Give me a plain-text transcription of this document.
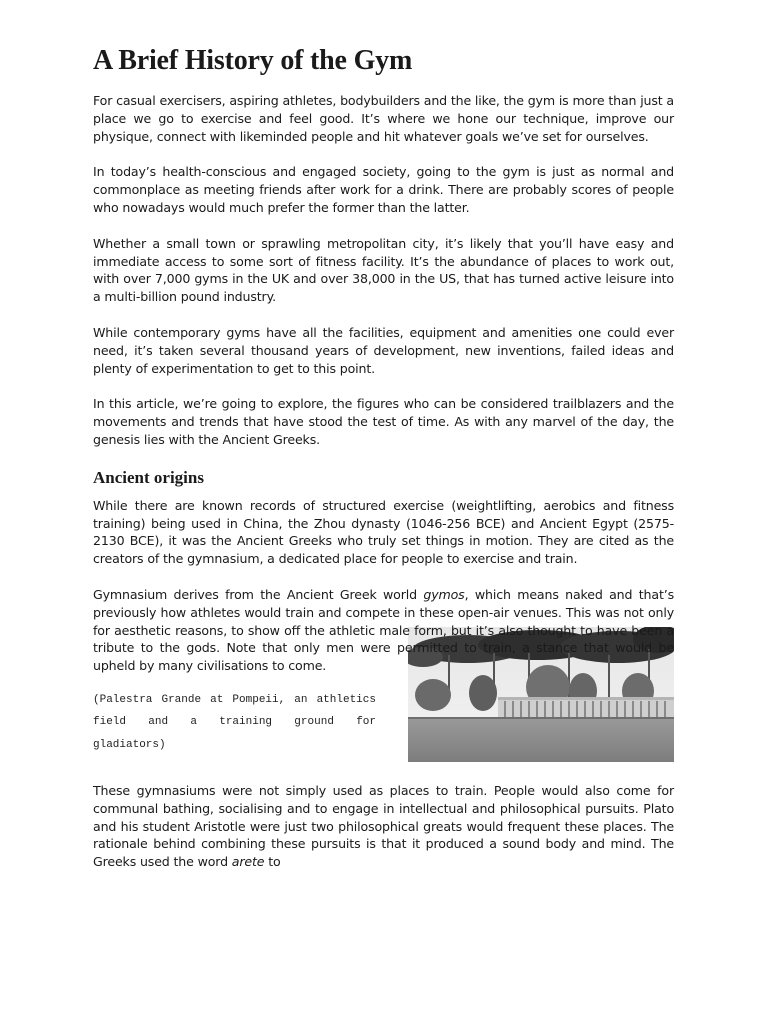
A Brief History of the Gym

For casual exercisers, aspiring athletes, bodybuilders and the like, the gym is more than just a place we go to exercise and feel good. It’s where we hone our technique, improve our physique, connect with likeminded people and hit whatever goals we’ve set for ourselves.

In today’s health-conscious and engaged society, going to the gym is just as normal and commonplace as meeting friends after work for a drink. There are probably scores of people who nowadays would much prefer the former than the latter.

Whether a small town or sprawling metropolitan city, it’s likely that you’ll have easy and immediate access to some sort of fitness facility. It’s the abundance of places to work out, with over 7,000 gyms in the UK and over 38,000 in the US, that has turned active leisure into a multi-billion pound industry.

While contemporary gyms have all the facilities, equipment and amenities one could ever need, it’s taken several thousand years of development, new inventions, failed ideas and plenty of experimentation to get to this point.

In this article, we’re going to explore, the figures who can be considered trailblazers and the movements and trends that have stood the test of time. As with any marvel of the day, the genesis lies with the Ancient Greeks.

Ancient origins

While there are known records of structured exercise (weightlifting, aerobics and fitness training) being used in China, the Zhou dynasty (1046-256 BCE) and Ancient Egypt (2575-2130 BCE), it was the Ancient Greeks who truly set things in motion. They are cited as the creators of the gymnasium, a dedicated place for people to exercise and train.

Gymnasium derives from the Ancient Greek world gymos, which means naked and that’s previously how athletes would train and compete in these open-air venues. This was not only for aesthetic reasons, to show off the athletic male form, but it’s also thought to have been a tribute to the gods. Note that only men were permitted to train, a stance that would be upheld by many civilisations to come.

(Palestra Grande at Pompeii, an athletics field and a training ground for gladiators)

These gymnasiums were not simply used as places to train. People would also come for communal bathing, socialising and to engage in intellectual and philosophical pursuits. Plato and his student Aristotle were just two philosophical greats would frequent these places. The rationale behind combining these pursuits is that it produced a sound body and mind. The Greeks used the word arete to
